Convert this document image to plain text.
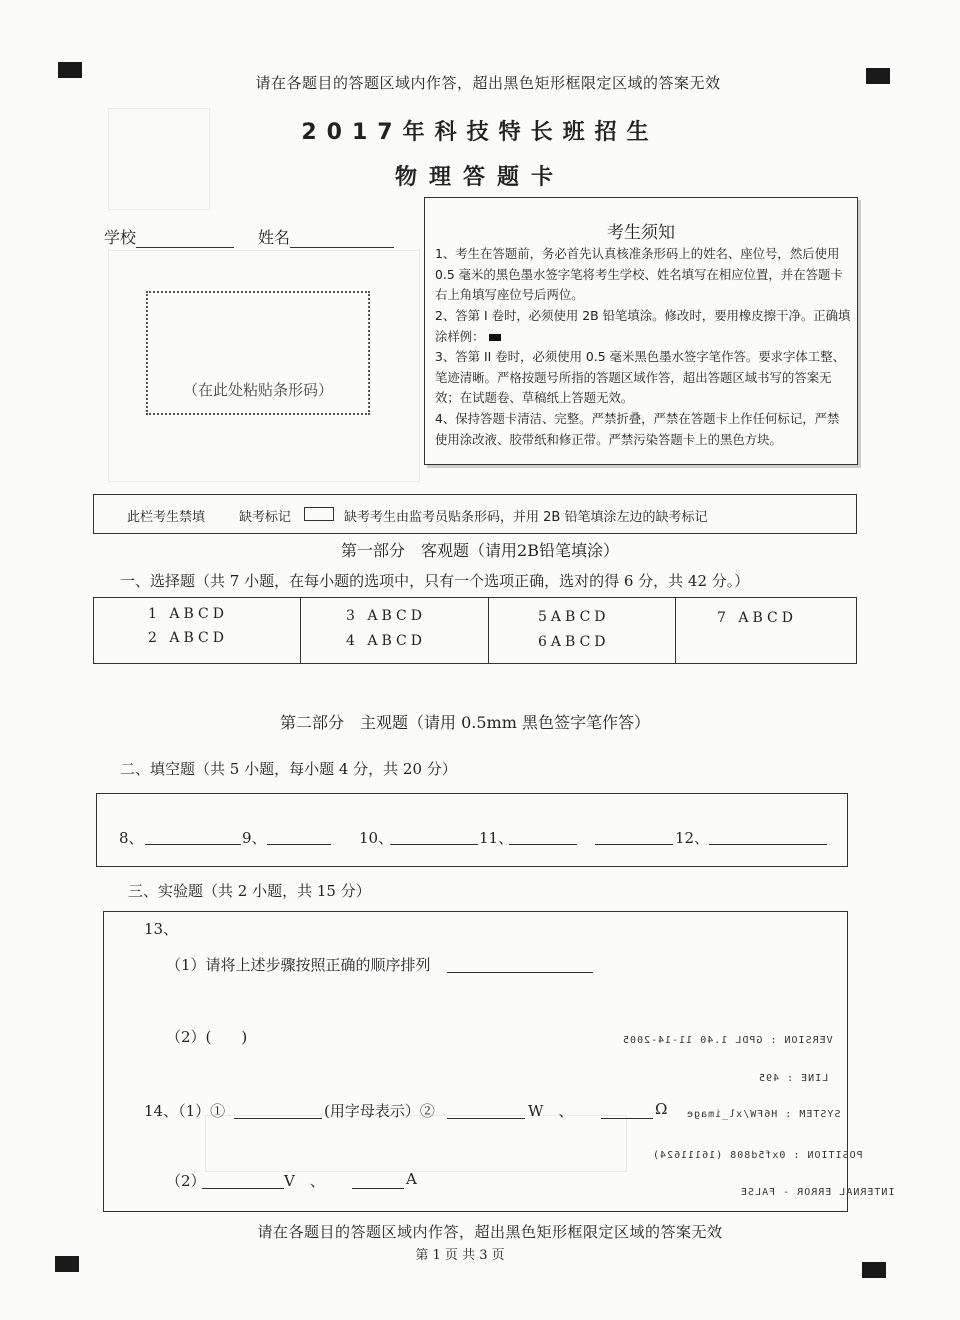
请在各题目的答题区域内作答，超出黑色矩形框限定区域的答案无效
2017年科技特长班招生
物理答题卡
学校	姓名
（在此处粘贴条形码）
考生须知
1、考生在答题前，务必首先认真核准条形码上的姓名、座位号，然后使用 0.5 毫米的黑色墨水签字笔将考生学校、姓名填写在相应位置，并在答题卡右上角填写座位号后两位。
2、答第 I 卷时，必须使用 2B 铅笔填涂。修改时，要用橡皮擦干净。正确填涂样例：
3、答第 II 卷时，必须使用 0.5 毫米黑色墨水签字笔作答。要求字体工整、笔迹清晰。严格按题号所指的答题区域作答，超出答题区域书写的答案无效；在试题卷、草稿纸上答题无效。
4、保持答题卡清洁、完整。严禁折叠，严禁在答题卡上作任何标记，严禁使用涂改液、胶带纸和修正带。严禁污染答题卡上的黑色方块。
此栏考生禁填	缺考标记	缺考考生由监考员贴条形码，并用 2B 铅笔填涂左边的缺考标记
第一部分　客观题（请用2B铅笔填涂）
一、选择题（共 7 小题，在每小题的选项中，只有一个选项正确，选对的得 6 分，共 42 分。）
1 ABCD
2 ABCD
3 ABCD
4 ABCD
5ABCD
6ABCD
7 ABCD
第二部分　主观题（请用 0.5mm 黑色签字笔作答）
二、填空题（共 5 小题，每小题 4 分，共 20 分）
8、	9、	10、	11、	12、
三、实验题（共 2 小题，共 15 分）
13、
（1）请将上述步骤按照正确的顺序排列
（2）(　　)
14、（1）①	(用字母表示）②	W　、	Ω
（2）	V　、	A
VERSION : GPDL 1.40 11-14-2005
LINE : 495
SYSTEM : H6FW/xl_image
POSITION : 0xf5d808 (16111624)
INTERNAL ERROR - FALSE
请在各题目的答题区域内作答，超出黑色矩形框限定区域的答案无效
第 1 页 共 3 页
